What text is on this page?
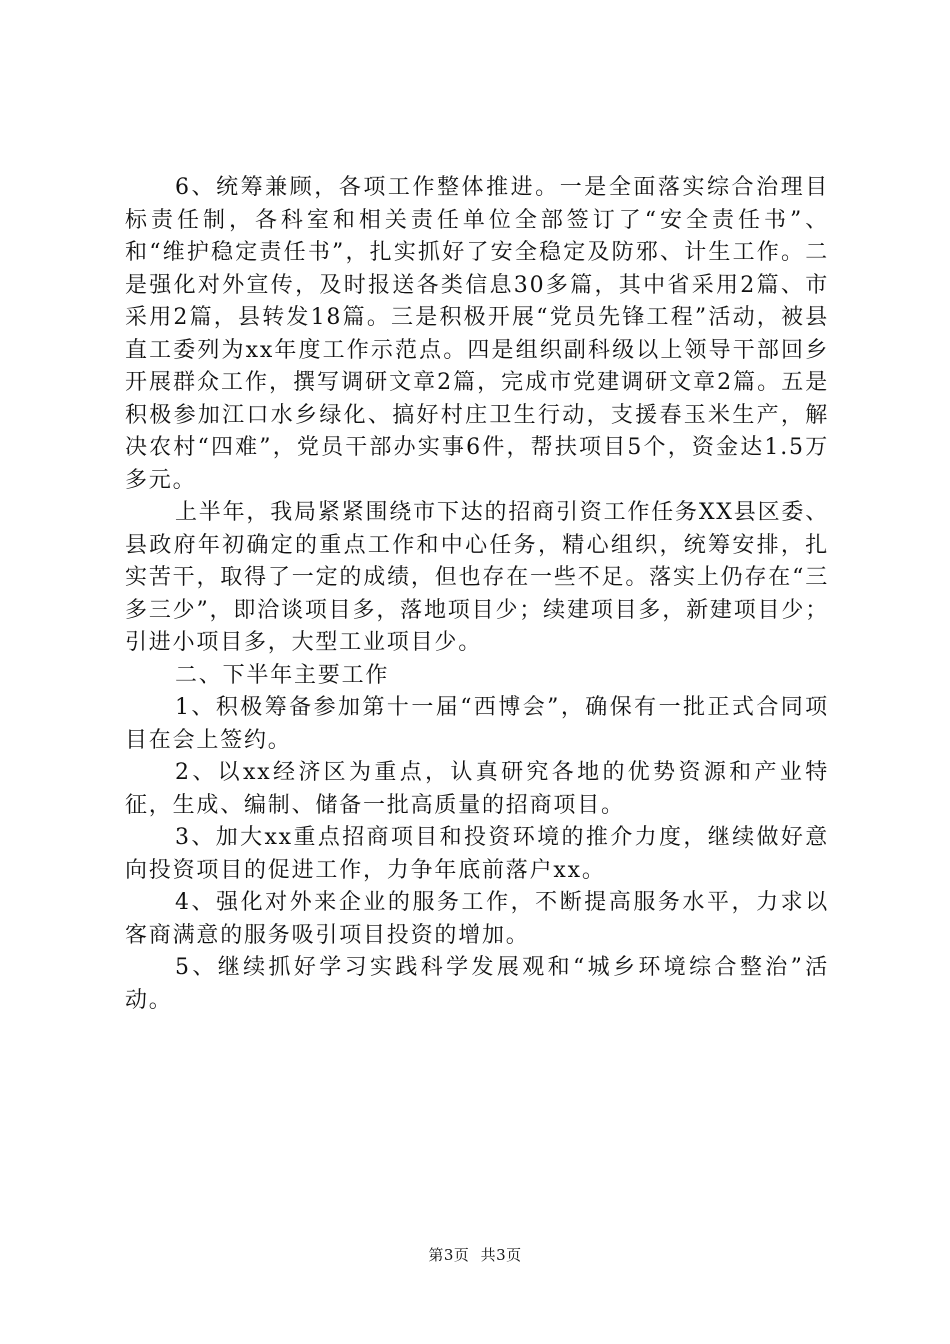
6、统筹兼顾，各项工作整体推进。一是全面落实综合治理目标责任制，各科室和相关责任单位全部签订了“安全责任书”、和“维护稳定责任书”，扎实抓好了安全稳定及防邪、计生工作。二是强化对外宣传，及时报送各类信息30多篇，其中省采用2篇、市采用2篇，县转发18篇。三是积极开展“党员先锋工程”活动，被县直工委列为xx年度工作示范点。四是组织副科级以上领导干部回乡开展群众工作，撰写调研文章2篇，完成市党建调研文章2篇。五是积极参加江口水乡绿化、搞好村庄卫生行动，支援春玉米生产，解决农村“四难”，党员干部办实事6件，帮扶项目5个，资金达1.5万多元。

上半年，我局紧紧围绕市下达的招商引资工作任务XX县区委、县政府年初确定的重点工作和中心任务，精心组织，统筹安排，扎实苦干，取得了一定的成绩，但也存在一些不足。落实上仍存在“三多三少”，即洽谈项目多，落地项目少；续建项目多，新建项目少；引进小项目多，大型工业项目少。

二、下半年主要工作

1、积极筹备参加第十一届“西博会”，确保有一批正式合同项目在会上签约。

2、以xx经济区为重点，认真研究各地的优势资源和产业特征，生成、编制、储备一批高质量的招商项目。

3、加大xx重点招商项目和投资环境的推介力度，继续做好意向投资项目的促进工作，力争年底前落户xx。

4、强化对外来企业的服务工作，不断提高服务水平，力求以客商满意的服务吸引项目投资的增加。

5、继续抓好学习实践科学发展观和“城乡环境综合整治”活动。

第3页 共3页
